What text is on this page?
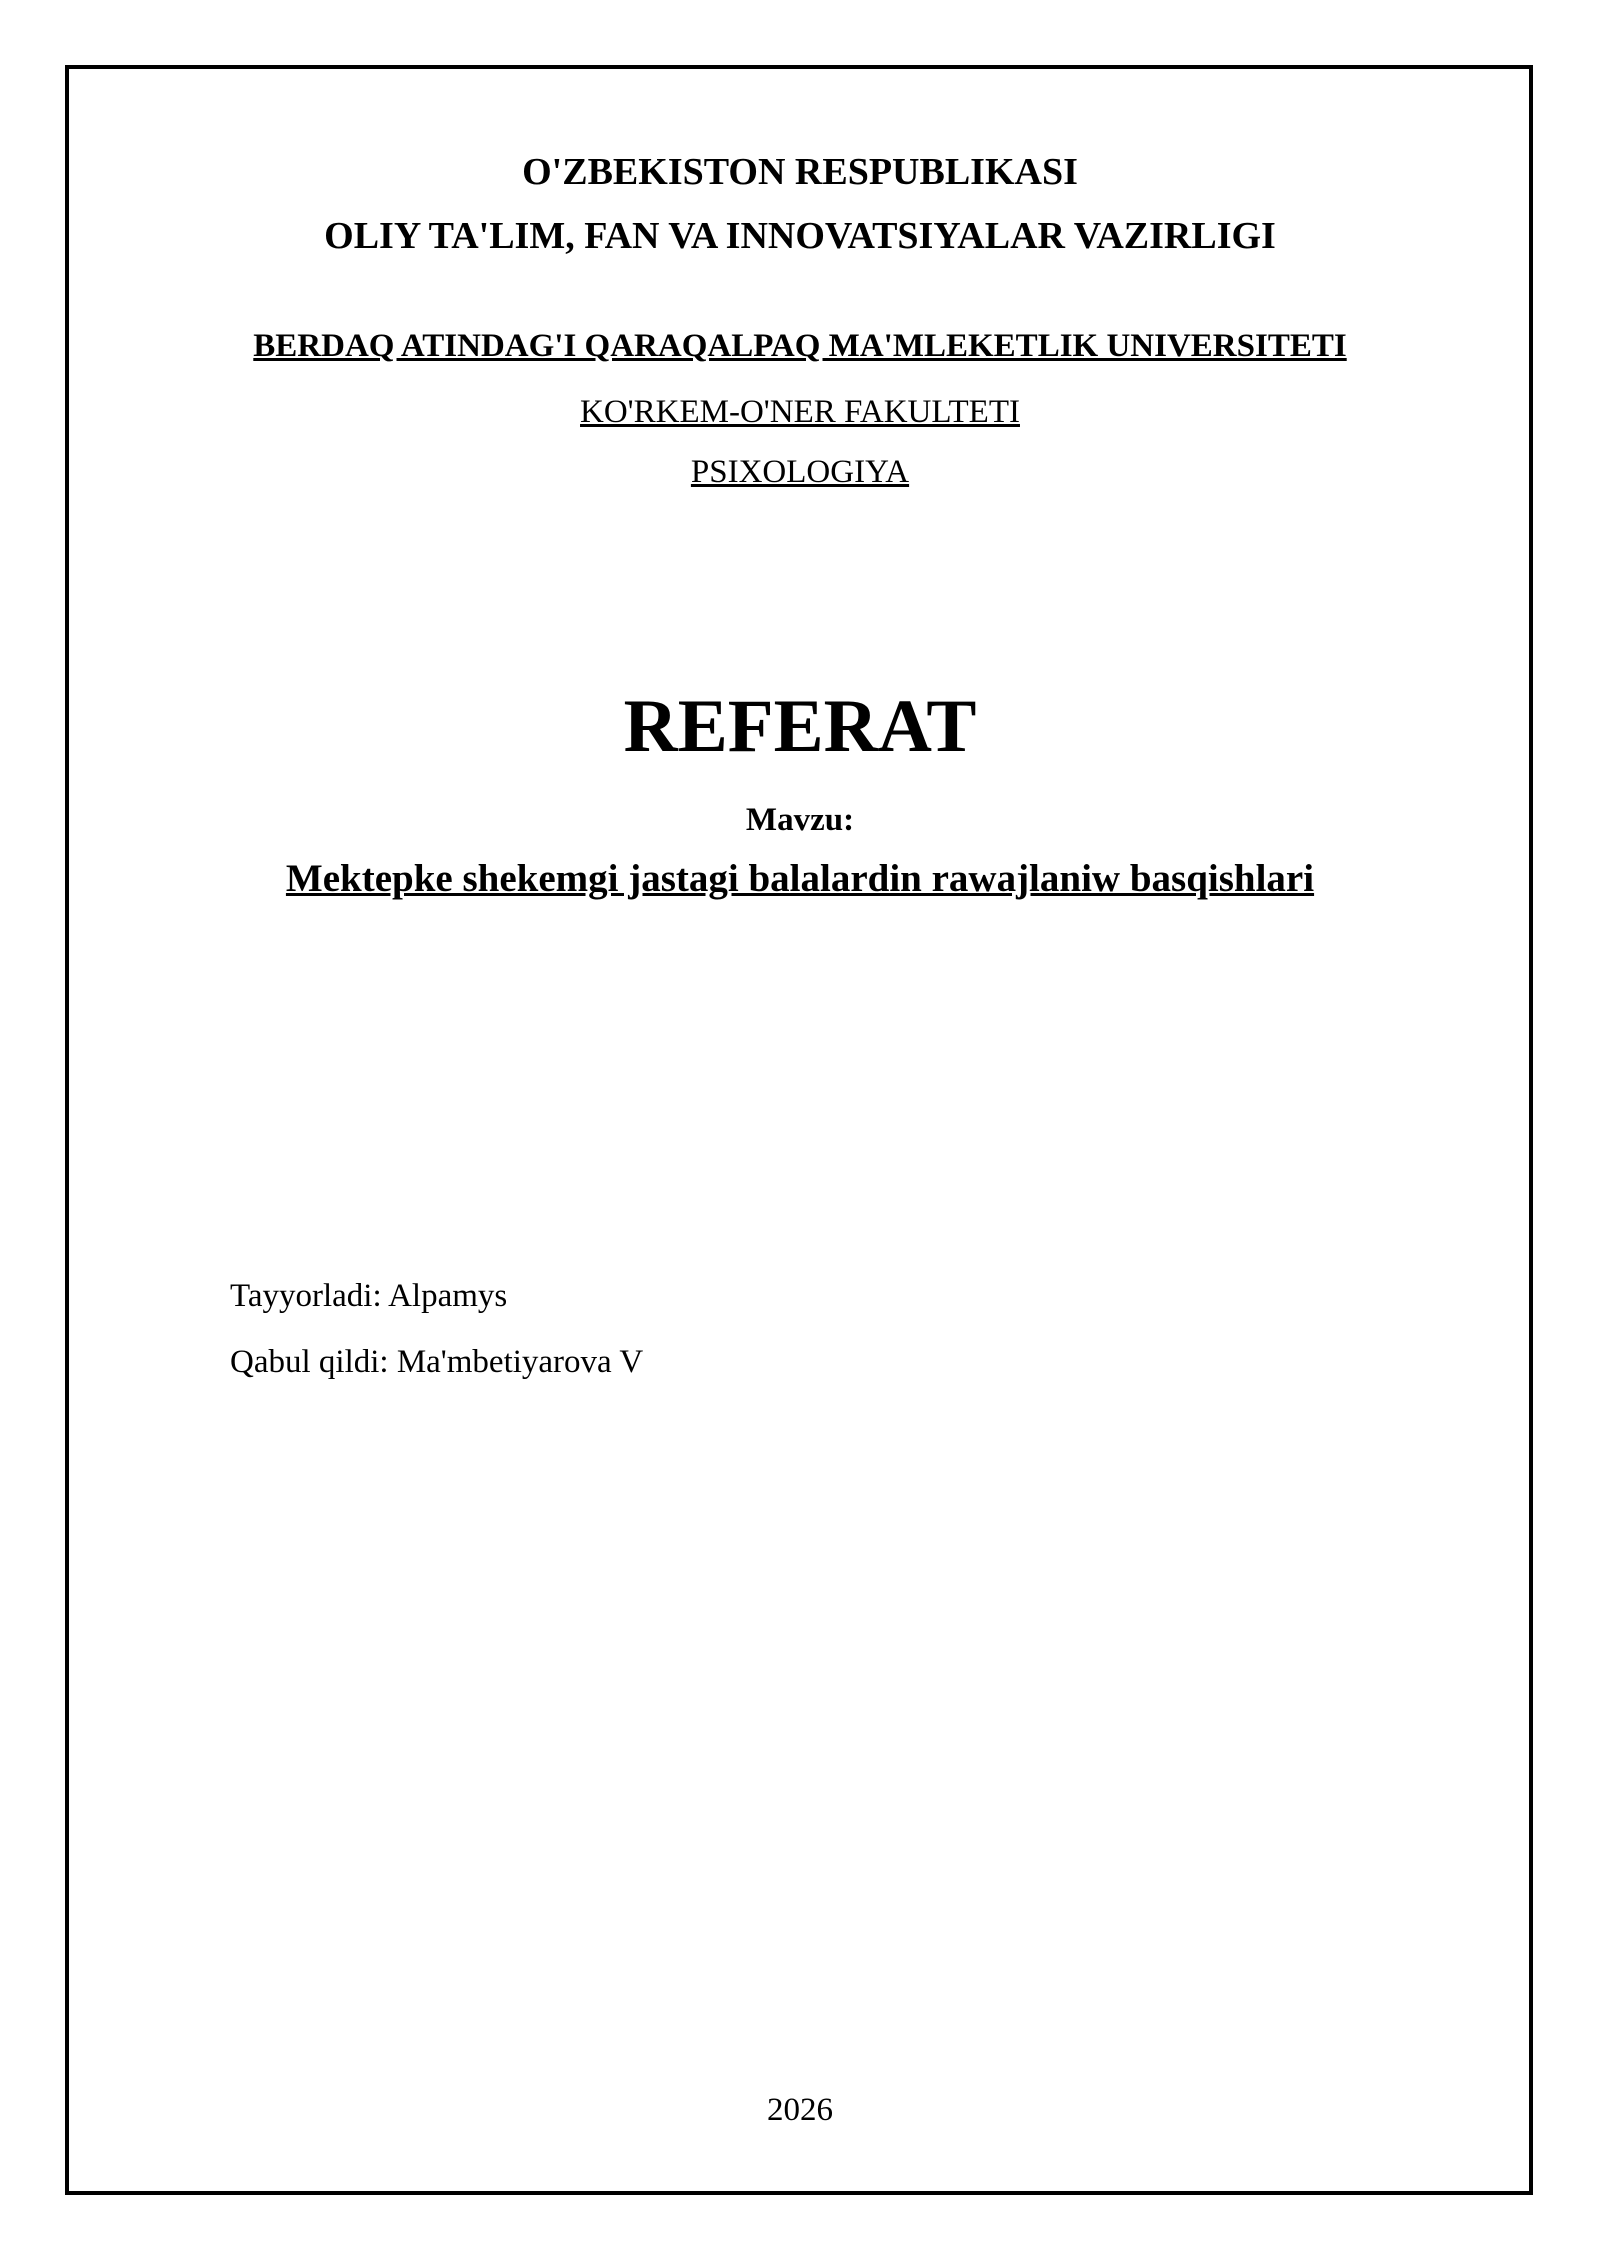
O'ZBEKISTON RESPUBLIKASI
OLIY TA'LIM, FAN VA INNOVATSIYALAR VAZIRLIGI
BERDAQ ATINDAG'I QARAQALPAQ MA'MLEKETLIK UNIVERSITETI
KO'RKEM-O'NER FAKULTETI
PSIXOLOGIYA
REFERAT
Mavzu:
Mektepke shekemgi jastagi balalardin rawajlaniw basqishlari
Tayyorladi: Alpamys
Qabul qildi: Ma'mbetiyarova V
2026
